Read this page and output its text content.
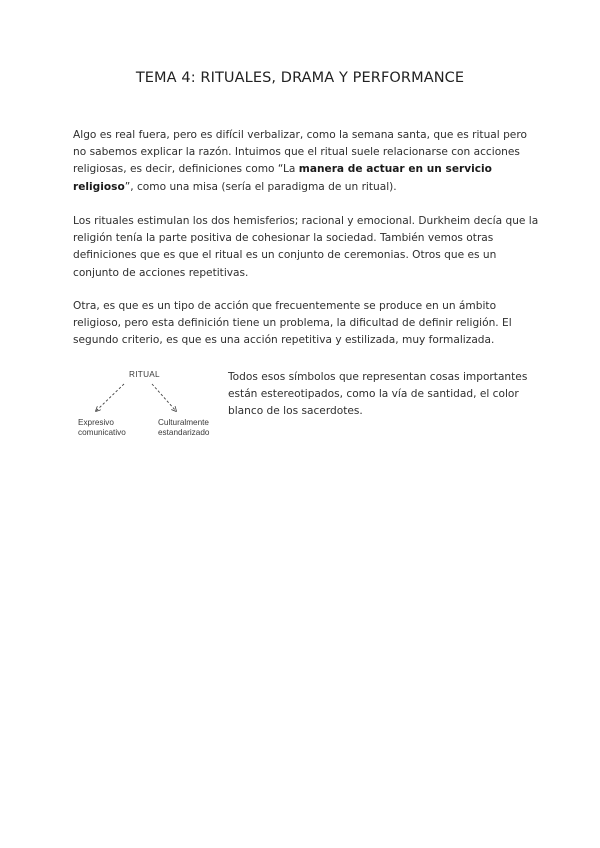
TEMA 4: RITUALES, DRAMA Y PERFORMANCE

Algo es real fuera, pero es difícil verbalizar, como la semana santa, que es ritual pero no sabemos explicar la razón. Intuimos que el ritual suele relacionarse con acciones religiosas, es decir, definiciones como “La manera de actuar en un servicio religioso”, como una misa (sería el paradigma de un ritual).

Los rituales estimulan los dos hemisferios; racional y emocional. Durkheim decía que la religión tenía la parte positiva de cohesionar la sociedad. También vemos otras definiciones que es que el ritual es un conjunto de ceremonias. Otros que es un conjunto de acciones repetitivas.

Otra, es que es un tipo de acción que frecuentemente se produce en un ámbito religioso, pero esta definición tiene un problema, la dificultad de definir religión. El segundo criterio, es que es una acción repetitiva y estilizada, muy formalizada.

RITUAL
Expresivo
comunicativo
Culturalmente
estandarizado

Todos esos símbolos que representan cosas importantes están estereotipados, como la vía de santidad, el color blanco de los sacerdotes.
